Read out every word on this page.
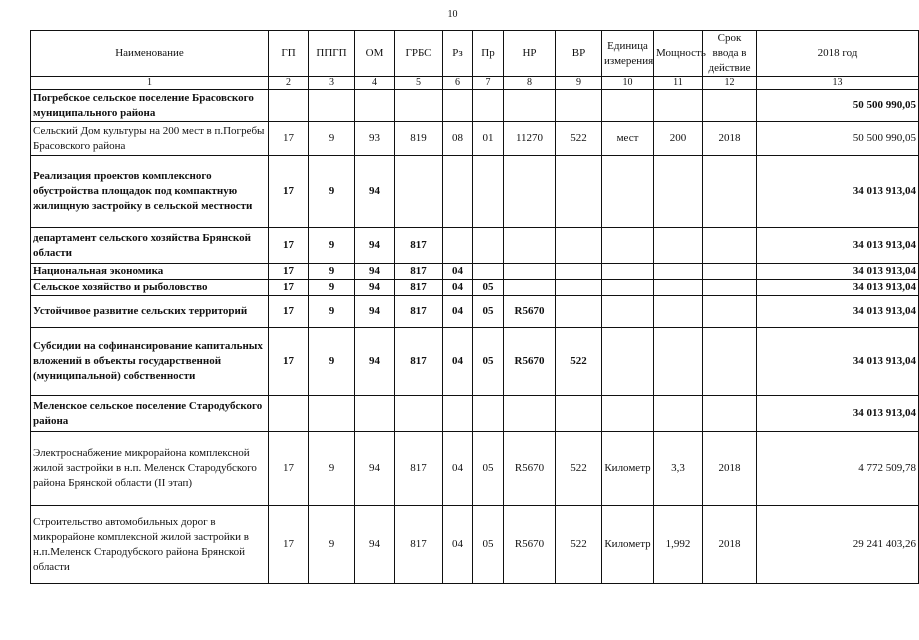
10
Наименование	ГП	ППГП	ОМ	ГРБС	Рз	Пр	НР	ВР	Единица измерения	Мощность	Срок ввода в действие	2018 год
1	2	3	4	5	6	7	8	9	10	11	12	13
Погребское сельское поселение Брасовского муниципального района												50 500 990,05
Сельский Дом культуры на 200 мест в п.Погребы Брасовского района	17	9	93	819	08	01	11270	522	мест	200	2018	50 500 990,05
Реализация проектов комплексного обустройства площадок под компактную жилищную застройку в сельской местности	17	9	94									34 013 913,04
департамент сельского хозяйства Брянской области	17	9	94	817								34 013 913,04
Национальная экономика	17	9	94	817	04							34 013 913,04
Сельское хозяйство и рыболовство	17	9	94	817	04	05						34 013 913,04
Устойчивое развитие сельских территорий	17	9	94	817	04	05	R5670					34 013 913,04
Субсидии на софинансирование капитальных вложений в объекты государственной (муниципальной) собственности	17	9	94	817	04	05	R5670	522				34 013 913,04
Меленское сельское поселение Стародубского района												34 013 913,04
Электроснабжение микрорайона комплексной жилой застройки в н.п. Меленск Стародубского района Брянской области (II этап)	17	9	94	817	04	05	R5670	522	Километр	3,3	2018	4 772 509,78
Строительство автомобильных дорог в микрорайоне комплексной жилой застройки в н.п.Меленск Стародубского района Брянской области	17	9	94	817	04	05	R5670	522	Километр	1,992	2018	29 241 403,26
